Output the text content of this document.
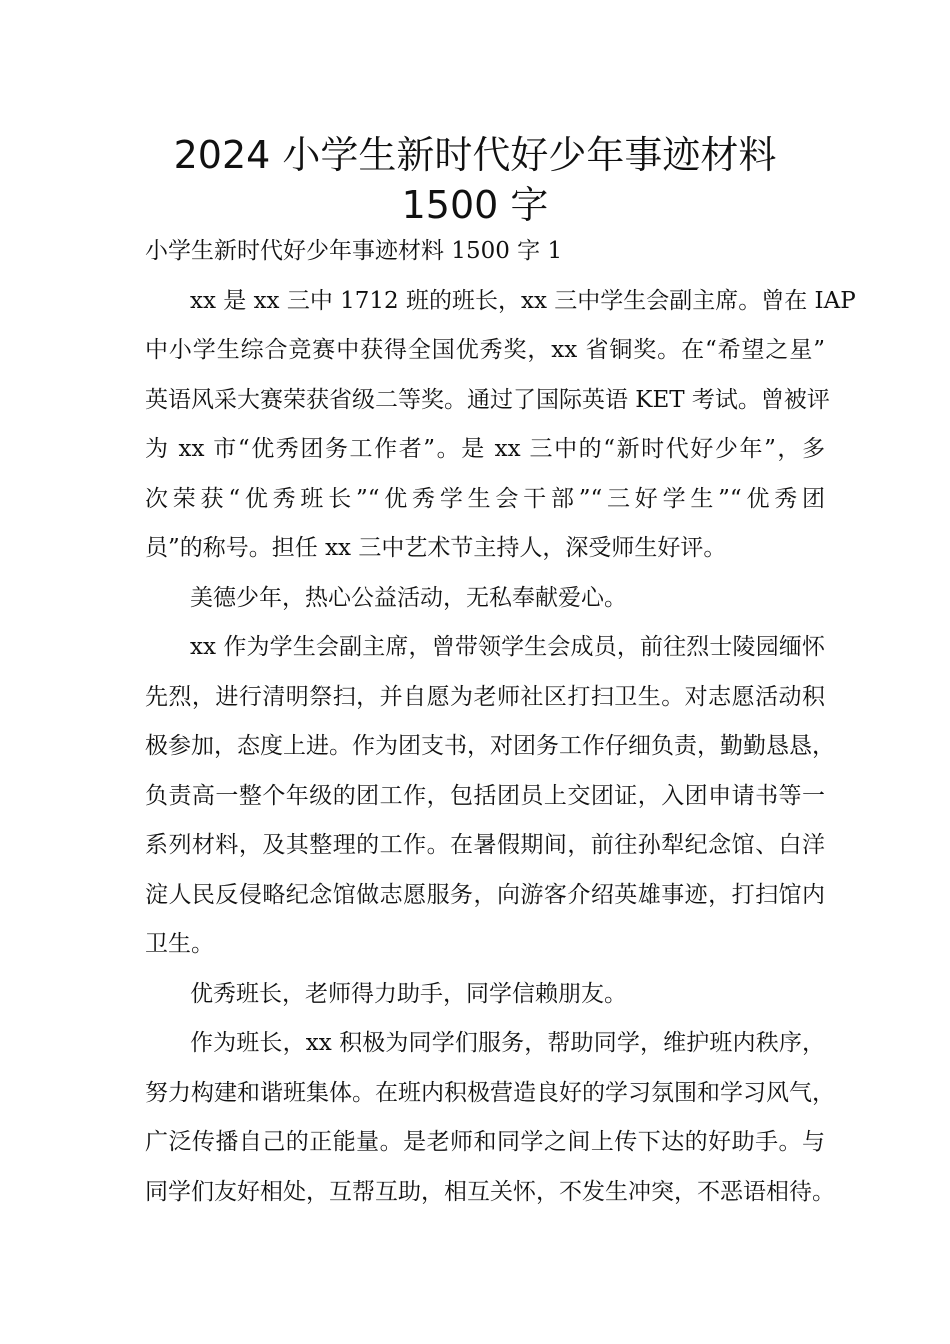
2024 小学生新时代好少年事迹材料
1500 字
小学生新时代好少年事迹材料 1500 字 1
xx 是 xx 三中 1712 班的班长，xx 三中学生会副主席。曾在 IAP
中小学生综合竞赛中获得全国优秀奖，xx 省铜奖。在“希望之星”
英语风采大赛荣获省级二等奖。通过了国际英语 KET 考试。曾被评
为 xx 市“优秀团务工作者”。是 xx 三中的“新时代好少年”，多
次荣获“优秀班长”“优秀学生会干部”“三好学生”“优秀团
员”的称号。担任 xx 三中艺术节主持人，深受师生好评。
美德少年，热心公益活动，无私奉献爱心。
xx 作为学生会副主席，曾带领学生会成员，前往烈士陵园缅怀
先烈，进行清明祭扫，并自愿为老师社区打扫卫生。对志愿活动积
极参加，态度上进。作为团支书，对团务工作仔细负责，勤勤恳恳，
负责高一整个年级的团工作，包括团员上交团证，入团申请书等一
系列材料，及其整理的工作。在暑假期间，前往孙犁纪念馆、白洋
淀人民反侵略纪念馆做志愿服务，向游客介绍英雄事迹，打扫馆内
卫生。
优秀班长，老师得力助手，同学信赖朋友。
作为班长，xx 积极为同学们服务，帮助同学，维护班内秩序，
努力构建和谐班集体。在班内积极营造良好的学习氛围和学习风气，
广泛传播自己的正能量。是老师和同学之间上传下达的好助手。与
同学们友好相处，互帮互助，相互关怀，不发生冲突，不恶语相待。
